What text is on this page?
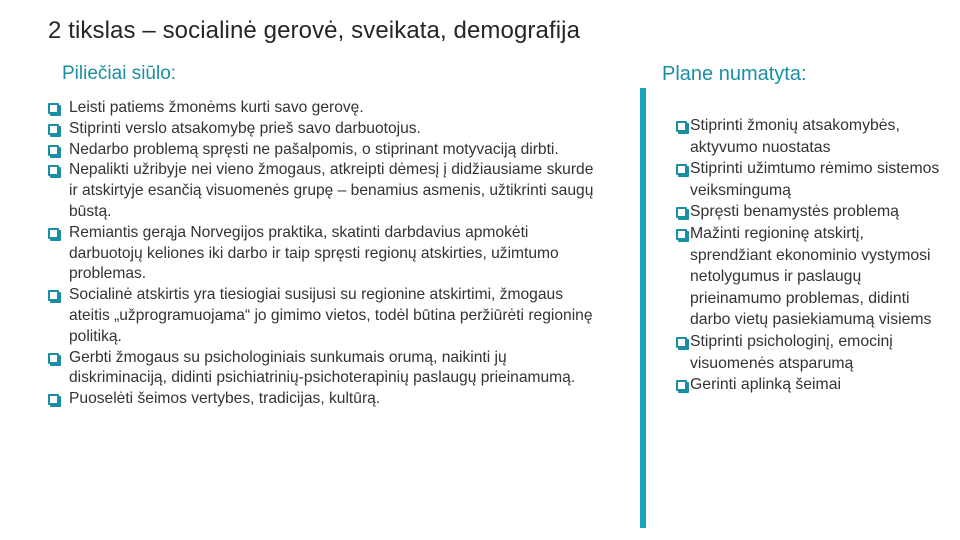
2 tikslas – socialinė gerovė, sveikata, demografija
Piliečiai siūlo:	Plane numatyta:
Leisti patiems žmonėms kurti savo gerovę.
Stiprinti verslo atsakomybę prieš savo darbuotojus.
Nedarbo problemą spręsti ne pašalpomis, o stiprinant motyvaciją dirbti.
Nepalikti užribyje nei vieno žmogaus, atkreipti dėmesį į didžiausiame skurde ir atskirtyje esančią visuomenės grupę – benamius asmenis, užtikrinti saugų būstą.
Remiantis gerąja Norvegijos praktika, skatinti darbdavius apmokėti darbuotojų keliones iki darbo ir taip spręsti regionų atskirties, užimtumo problemas.
Socialinė atskirtis yra tiesiogiai susijusi su regionine atskirtimi, žmogaus ateitis „užprogramuojama“ jo gimimo vietos, todėl būtina peržiūrėti regioninę politiką.
Gerbti žmogaus su psichologiniais sunkumais orumą, naikinti jų diskriminaciją, didinti psichiatrinių-psichoterapinių paslaugų prieinamumą.
Puoselėti šeimos vertybes, tradicijas, kultūrą.
Stiprinti žmonių atsakomybės, aktyvumo nuostatas
Stiprinti užimtumo rėmimo sistemos veiksmingumą
Spręsti benamystės problemą
Mažinti regioninę atskirtį, sprendžiant ekonominio vystymosi netolygumus ir paslaugų prieinamumo problemas, didinti darbo vietų pasiekiamumą visiems
Stiprinti psichologinį, emocinį visuomenės atsparumą
Gerinti aplinką šeimai
